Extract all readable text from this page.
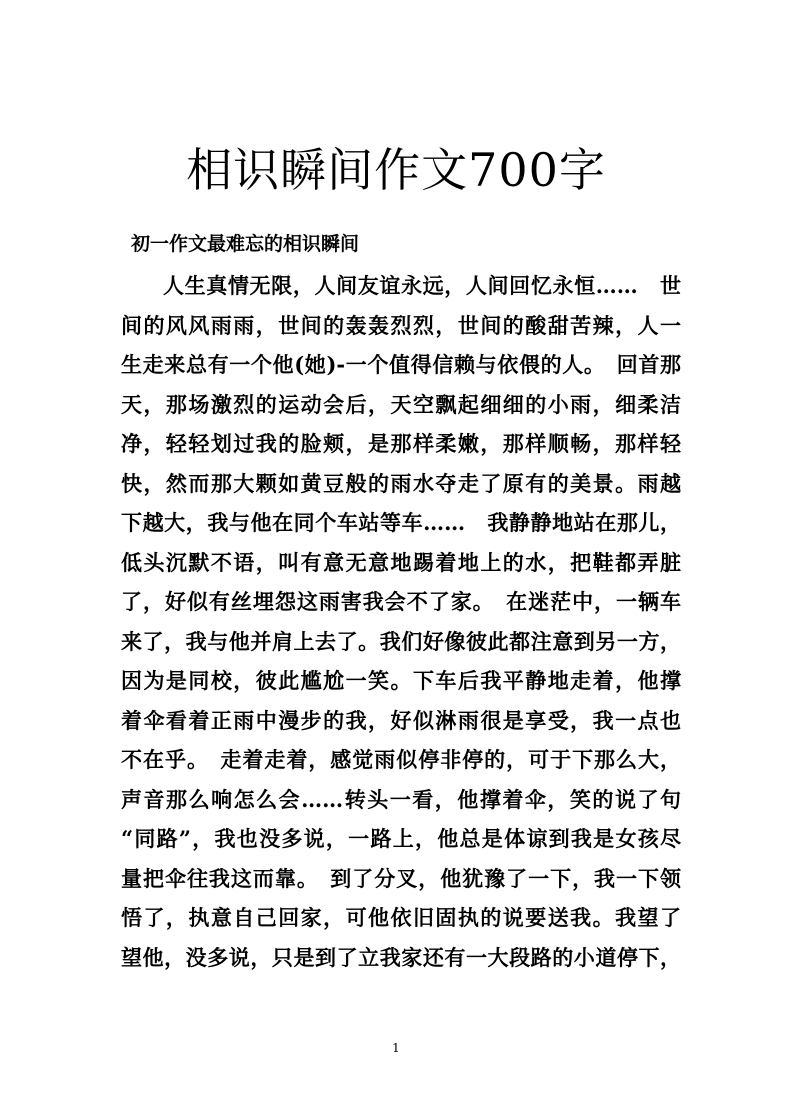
相识瞬间作文700字

初一作文最难忘的相识瞬间

人生真情无限，人间友谊永远，人间回忆永恒……　世
间的风风雨雨，世间的轰轰烈烈，世间的酸甜苦辣，人一
生走来总有一个他(她)-一个值得信赖与依偎的人。　回首那
天，那场激烈的运动会后，天空飘起细细的小雨，细柔洁
净，轻轻划过我的脸颊，是那样柔嫩，那样顺畅，那样轻
快，然而那大颗如黄豆般的雨水夺走了原有的美景。雨越
下越大，我与他在同个车站等车……　我静静地站在那儿，
低头沉默不语，叫有意无意地踢着地上的水，把鞋都弄脏
了，好似有丝埋怨这雨害我会不了家。　在迷茫中，一辆车
来了，我与他并肩上去了。我们好像彼此都注意到另一方，
因为是同校，彼此尴尬一笑。下车后我平静地走着，他撑
着伞看着正雨中漫步的我，好似淋雨很是享受，我一点也
不在乎。　走着走着，感觉雨似停非停的，可于下那么大，
声音那么响怎么会……转头一看，他撑着伞，笑的说了句
“同路”，我也没多说，一路上，他总是体谅到我是女孩尽
量把伞往我这而靠。　到了分叉，他犹豫了一下，我一下领
悟了，执意自己回家，可他依旧固执的说要送我。我望了
望他，没多说，只是到了立我家还有一大段路的小道停下，
1
